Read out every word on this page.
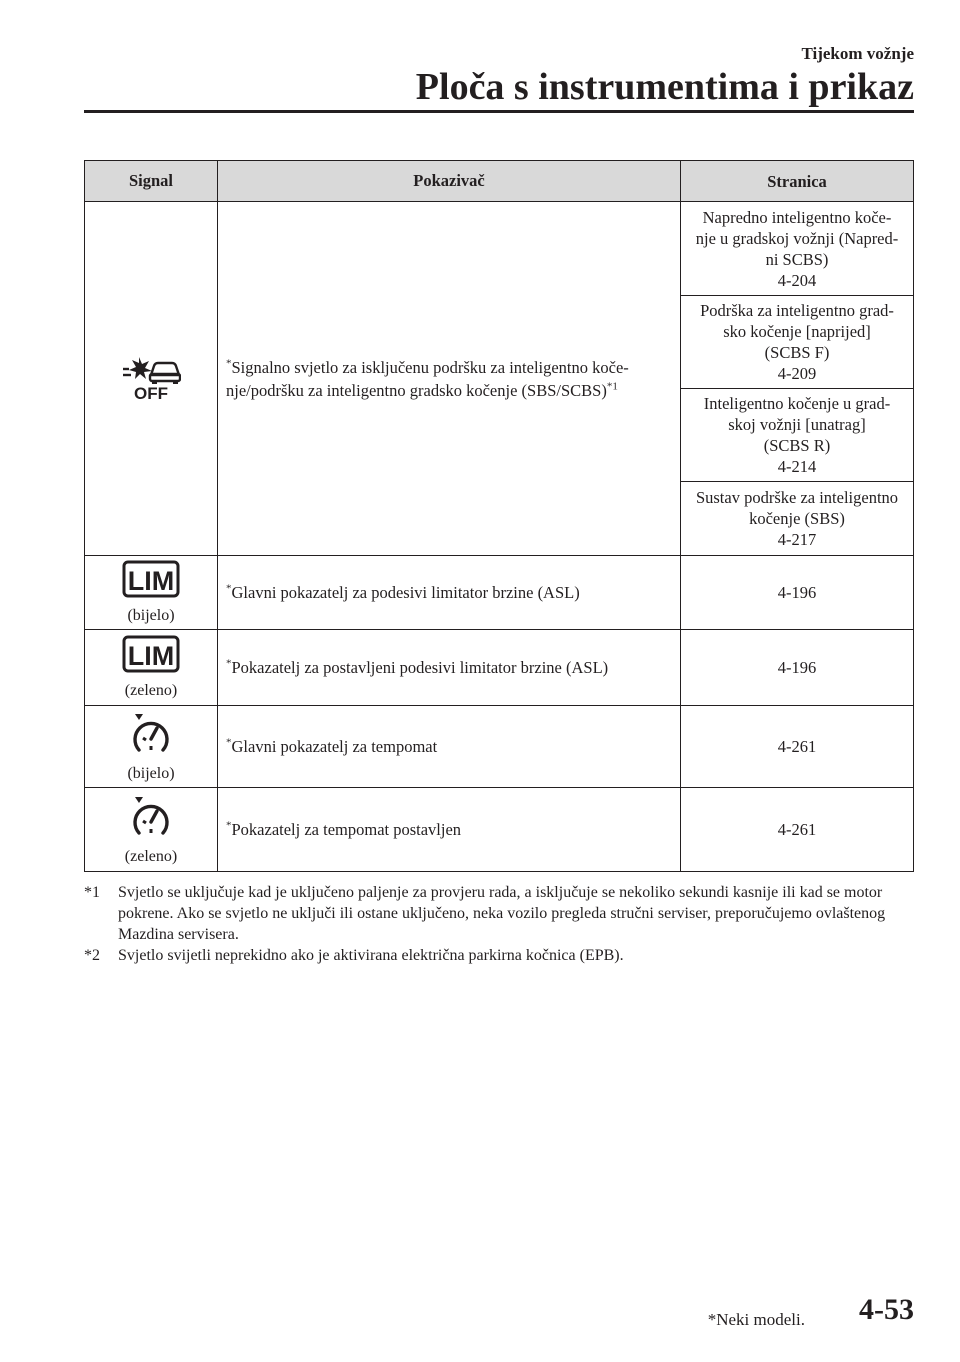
Tijekom vožnje
Ploča s instrumentima i prikaz
Signal	Pokazivač	Stranica

OFF	*Signalno svjetlo za isključenu podršku za inteligentno koče-nje/podršku za inteligentno gradsko kočenje (SBS/SCBS)$^{*1}$	Napredno inteligentno koče-
nje u gradskoj vožnji (Napred-
ni SCBS)
4-204

		Podrška za inteligentno grad-
sko kočenje [naprijed]
(SCBS F)
4-209

		Inteligentno kočenje u grad-
skoj vožnji [unatrag]
(SCBS R)
4-214

		Sustav podrške za inteligentno
kočenje (SBS)
4-217

LIM
(bijelo)	*Glavni pokazatelj za podesivi limitator brzine (ASL)	4-196

LIM
(zeleno)	*Pokazatelj za postavljeni podesivi limitator brzine (ASL)	4-196

(bijelo)	*Glavni pokazatelj za tempomat	4-261

(zeleno)	*Pokazatelj za tempomat postavljen	4-261
*1 Svjetlo se uključuje kad je uključeno paljenje za provjeru rada, a isključuje se nekoliko sekundi kasnije ili kad se motor pokrene. Ako se svjetlo ne uključi ili ostane uključeno, neka vozilo pregleda stručni serviser, preporučujemo ovlaštenog Mazdina servisera.
*2 Svjetlo svijetli neprekidno ako je aktivirana električna parkirna kočnica (EPB).
*Neki modeli. 4-53
